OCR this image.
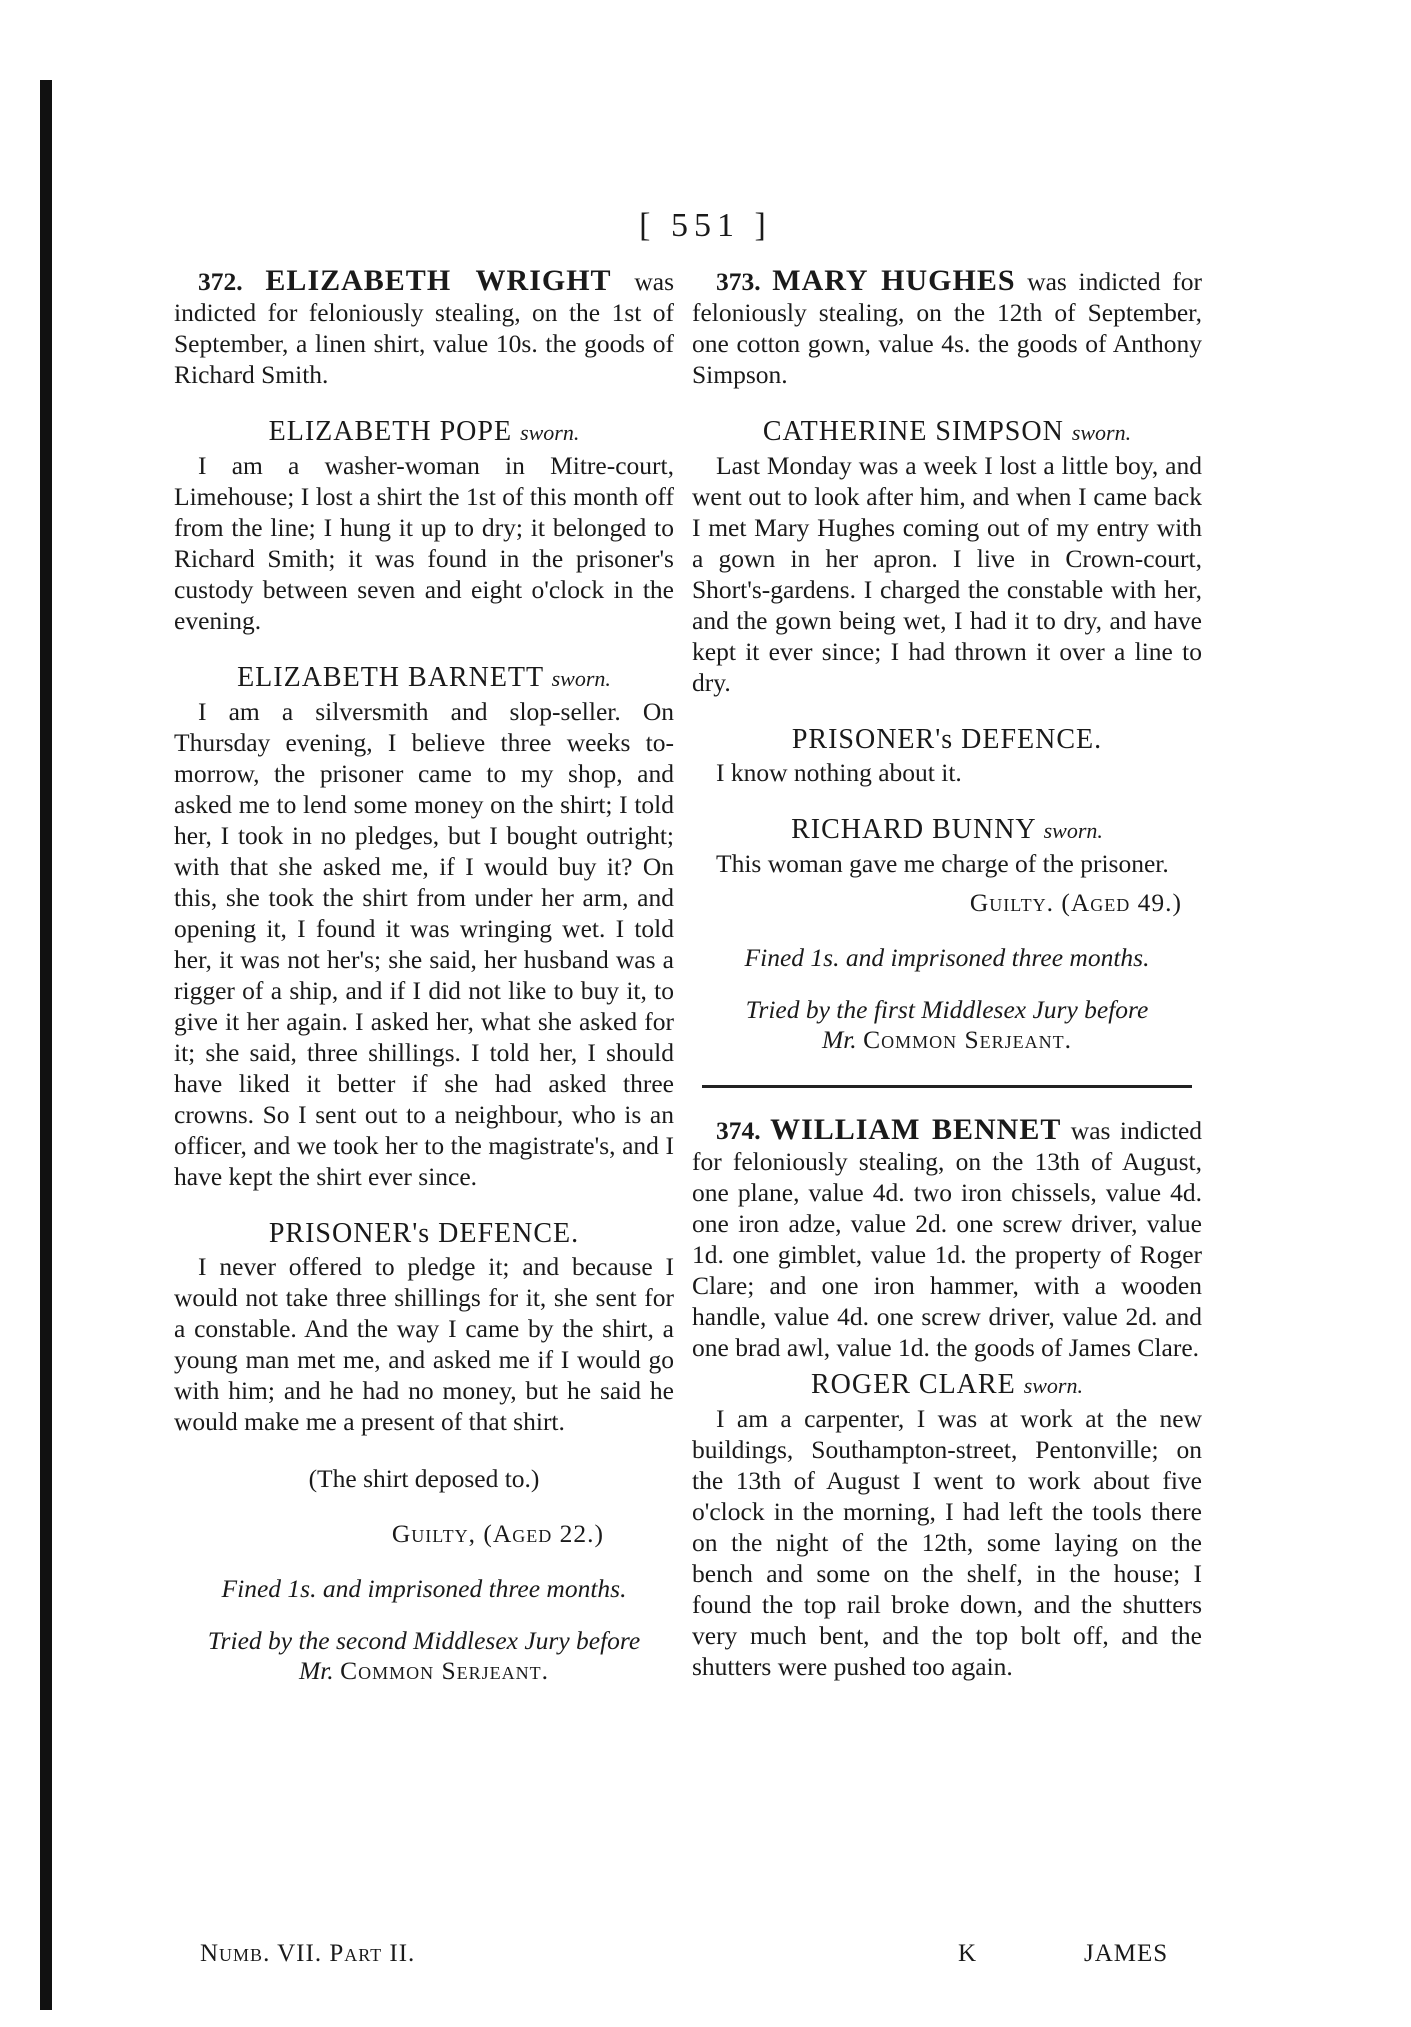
[ 551 ]

372. ELIZABETH WRIGHT was indicted for feloniously stealing, on the 1st of September, a linen shirt, value 10s. the goods of Richard Smith.

ELIZABETH POPE sworn.

I am a washer-woman in Mitre-court, Limehouse; I lost a shirt the 1st of this month off from the line; I hung it up to dry; it belonged to Richard Smith; it was found in the prisoner's custody between seven and eight o'clock in the evening.

ELIZABETH BARNETT sworn.

I am a silversmith and slop-seller. On Thursday evening, I believe three weeks to-morrow, the prisoner came to my shop, and asked me to lend some money on the shirt; I told her, I took in no pledges, but I bought outright; with that she asked me, if I would buy it? On this, she took the shirt from under her arm, and opening it, I found it was wringing wet. I told her, it was not her's; she said, her husband was a rigger of a ship, and if I did not like to buy it, to give it her again. I asked her, what she asked for it; she said, three shillings. I told her, I should have liked it better if she had asked three crowns. So I sent out to a neighbour, who is an officer, and we took her to the magistrate's, and I have kept the shirt ever since.

PRISONER's DEFENCE.

I never offered to pledge it; and because I would not take three shillings for it, she sent for a constable. And the way I came by the shirt, a young man met me, and asked me if I would go with him; and he had no money, but he said he would make me a present of that shirt.

(The shirt deposed to.)

Guilty, (Aged 22.)

Fined 1s. and imprisoned three months.

Tried by the second Middlesex Jury before
Mr. Common Serjeant.

373. MARY HUGHES was indicted for feloniously stealing, on the 12th of September, one cotton gown, value 4s. the goods of Anthony Simpson.

CATHERINE SIMPSON sworn.

Last Monday was a week I lost a little boy, and went out to look after him, and when I came back I met Mary Hughes coming out of my entry with a gown in her apron. I live in Crown-court, Short's-gardens. I charged the constable with her, and the gown being wet, I had it to dry, and have kept it ever since; I had thrown it over a line to dry.

PRISONER's DEFENCE.

I know nothing about it.

RICHARD BUNNY sworn.

This woman gave me charge of the prisoner.

Guilty. (Aged 49.)

Fined 1s. and imprisoned three months.

Tried by the first Middlesex Jury before
Mr. Common Serjeant.

374. WILLIAM BENNET was indicted for feloniously stealing, on the 13th of August, one plane, value 4d. two iron chissels, value 4d. one iron adze, value 2d. one screw driver, value 1d. one gimblet, value 1d. the property of Roger Clare; and one iron hammer, with a wooden handle, value 4d. one screw driver, value 2d. and one brad awl, value 1d. the goods of James Clare.

ROGER CLARE sworn.

I am a carpenter, I was at work at the new buildings, Southampton-street, Pentonville; on the 13th of August I went to work about five o'clock in the morning, I had left the tools there on the night of the 12th, some laying on the bench and some on the shelf, in the house; I found the top rail broke down, and the shutters very much bent, and the top bolt off, and the shutters were pushed too again.

Numb. VII. Part II.	K	JAMES
